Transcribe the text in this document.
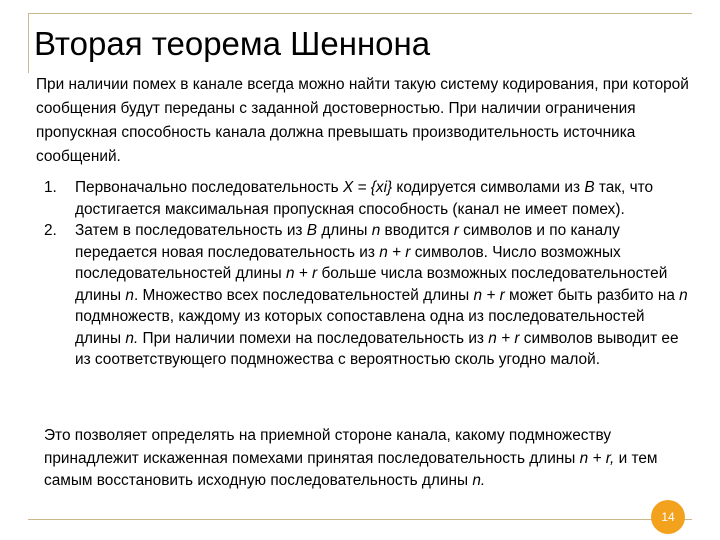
Вторая теорема Шеннона

При наличии помех в канале всегда можно найти такую систему кодирования, при которой сообщения будут переданы с заданной достоверностью. При наличии ограничения пропускная способность канала должна превышать производительность источника сообщений.

1. Первоначально последовательность X = {xi} кодируется символами из B так, что достигается максимальная пропускная способность (канал не имеет помех).
2. Затем в последовательность из B длины n вводится r символов и по каналу передается новая последовательность из n + r символов. Число возможных последовательностей длины n + r больше числа возможных последовательностей длины n. Множество всех последовательностей длины n + r может быть разбито на n подмножеств, каждому из которых сопоставлена одна из последовательностей длины n. При наличии помехи на последовательность из n + r символов выводит ее из соответствующего подмножества с вероятностью сколь угодно малой.

Это позволяет определять на приемной стороне канала, какому подмножеству принадлежит искаженная помехами принятая последовательность длины n + r, и тем самым восстановить исходную последовательность длины n.

14
